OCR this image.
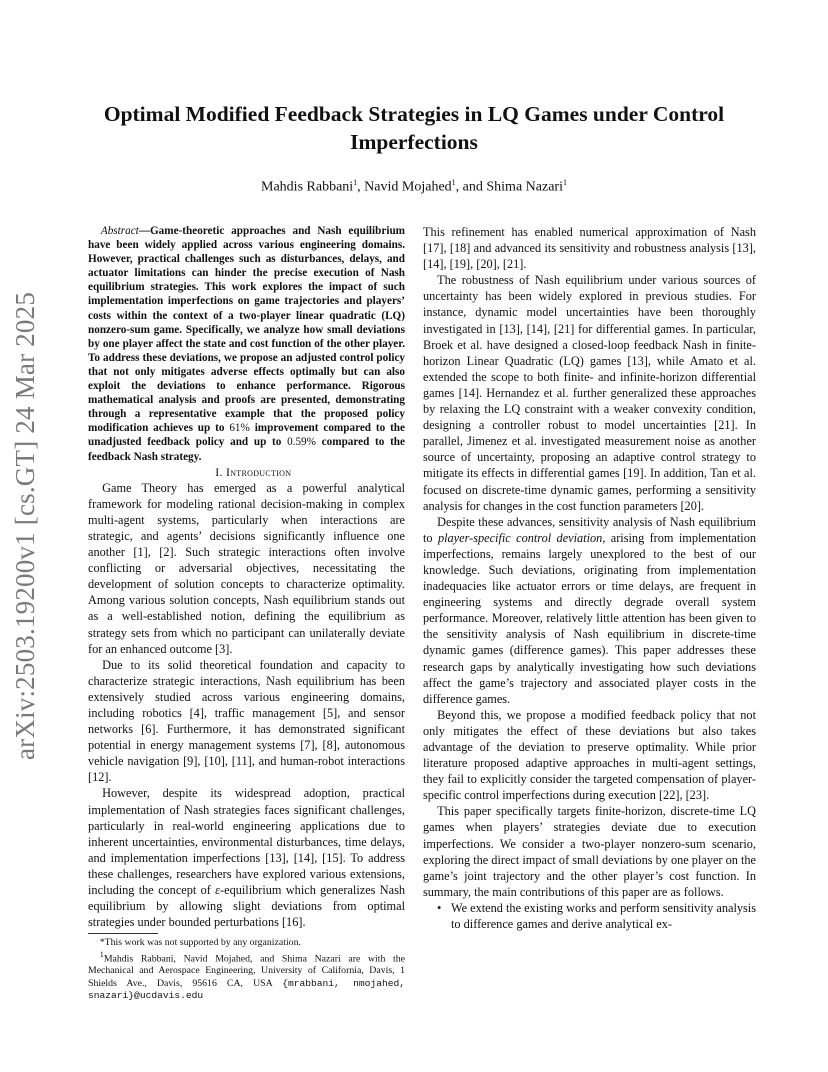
Optimal Modified Feedback Strategies in LQ Games under Control Imperfections
Mahdis Rabbani$^1$, Navid Mojahed$^1$, and Shima Nazari$^1$
arXiv:2503.19200v1 [cs.GT] 24 Mar 2025

Abstract—Game-theoretic approaches and Nash equilibrium have been widely applied across various engineering domains. However, practical challenges such as disturbances, delays, and actuator limitations can hinder the precise execution of Nash equilibrium strategies. This work explores the impact of such implementation imperfections on game trajectories and players’ costs within the context of a two-player linear quadratic (LQ) nonzero-sum game. Specifically, we analyze how small deviations by one player affect the state and cost function of the other player. To address these deviations, we propose an adjusted control policy that not only mitigates adverse effects optimally but can also exploit the deviations to enhance performance. Rigorous mathematical analysis and proofs are presented, demonstrating through a representative example that the proposed policy modification achieves up to 61% improvement compared to the unadjusted feedback policy and up to 0.59% compared to the feedback Nash strategy.

I. Introduction

Game Theory has emerged as a powerful analytical framework for modeling rational decision-making in complex multi-agent systems, particularly when interactions are strategic, and agents’ decisions significantly influence one another [1], [2]. Such strategic interactions often involve conflicting or adversarial objectives, necessitating the development of solution concepts to characterize optimality. Among various solution concepts, Nash equilibrium stands out as a well-established notion, defining the equilibrium as strategy sets from which no participant can unilaterally deviate for an enhanced outcome [3].

Due to its solid theoretical foundation and capacity to characterize strategic interactions, Nash equilibrium has been extensively studied across various engineering domains, including robotics [4], traffic management [5], and sensor networks [6]. Furthermore, it has demonstrated significant potential in energy management systems [7], [8], autonomous vehicle navigation [9], [10], [11], and human-robot interactions [12].

However, despite its widespread adoption, practical implementation of Nash strategies faces significant challenges, particularly in real-world engineering applications due to inherent uncertainties, environmental disturbances, time delays, and implementation imperfections [13], [14], [15]. To address these challenges, researchers have explored various extensions, including the concept of ε-equilibrium which generalizes Nash equilibrium by allowing slight deviations from optimal strategies under bounded perturbations [16].

*This work was not supported by any organization.

$^1$Mahdis Rabbani, Navid Mojahed, and Shima Nazari are with the Mechanical and Aerospace Engineering, University of California, Davis, 1 Shields Ave., Davis, 95616 CA, USA {mrabbani, nmojahed, snazari}@ucdavis.edu

This refinement has enabled numerical approximation of Nash [17], [18] and advanced its sensitivity and robustness analysis [13], [14], [19], [20], [21].

The robustness of Nash equilibrium under various sources of uncertainty has been widely explored in previous studies. For instance, dynamic model uncertainties have been thoroughly investigated in [13], [14], [21] for differential games. In particular, Broek et al. have designed a closed-loop feedback Nash in finite-horizon Linear Quadratic (LQ) games [13], while Amato et al. extended the scope to both finite- and infinite-horizon differential games [14]. Hernandez et al. further generalized these approaches by relaxing the LQ constraint with a weaker convexity condition, designing a controller robust to model uncertainties [21]. In parallel, Jimenez et al. investigated measurement noise as another source of uncertainty, proposing an adaptive control strategy to mitigate its effects in differential games [19]. In addition, Tan et al. focused on discrete-time dynamic games, performing a sensitivity analysis for changes in the cost function parameters [20].

Despite these advances, sensitivity analysis of Nash equilibrium to player-specific control deviation, arising from implementation imperfections, remains largely unexplored to the best of our knowledge. Such deviations, originating from implementation inadequacies like actuator errors or time delays, are frequent in engineering systems and directly degrade overall system performance. Moreover, relatively little attention has been given to the sensitivity analysis of Nash equilibrium in discrete-time dynamic games (difference games). This paper addresses these research gaps by analytically investigating how such deviations affect the game’s trajectory and associated player costs in the difference games.

Beyond this, we propose a modified feedback policy that not only mitigates the effect of these deviations but also takes advantage of the deviation to preserve optimality. While prior literature proposed adaptive approaches in multi-agent settings, they fail to explicitly consider the targeted compensation of player-specific control imperfections during execution [22], [23].

This paper specifically targets finite-horizon, discrete-time LQ games when players’ strategies deviate due to execution imperfections. We consider a two-player nonzero-sum scenario, exploring the direct impact of small deviations by one player on the game’s joint trajectory and the other player’s cost function. In summary, the main contributions of this paper are as follows.

• We extend the existing works and perform sensitivity analysis to difference games and derive analytical ex-
